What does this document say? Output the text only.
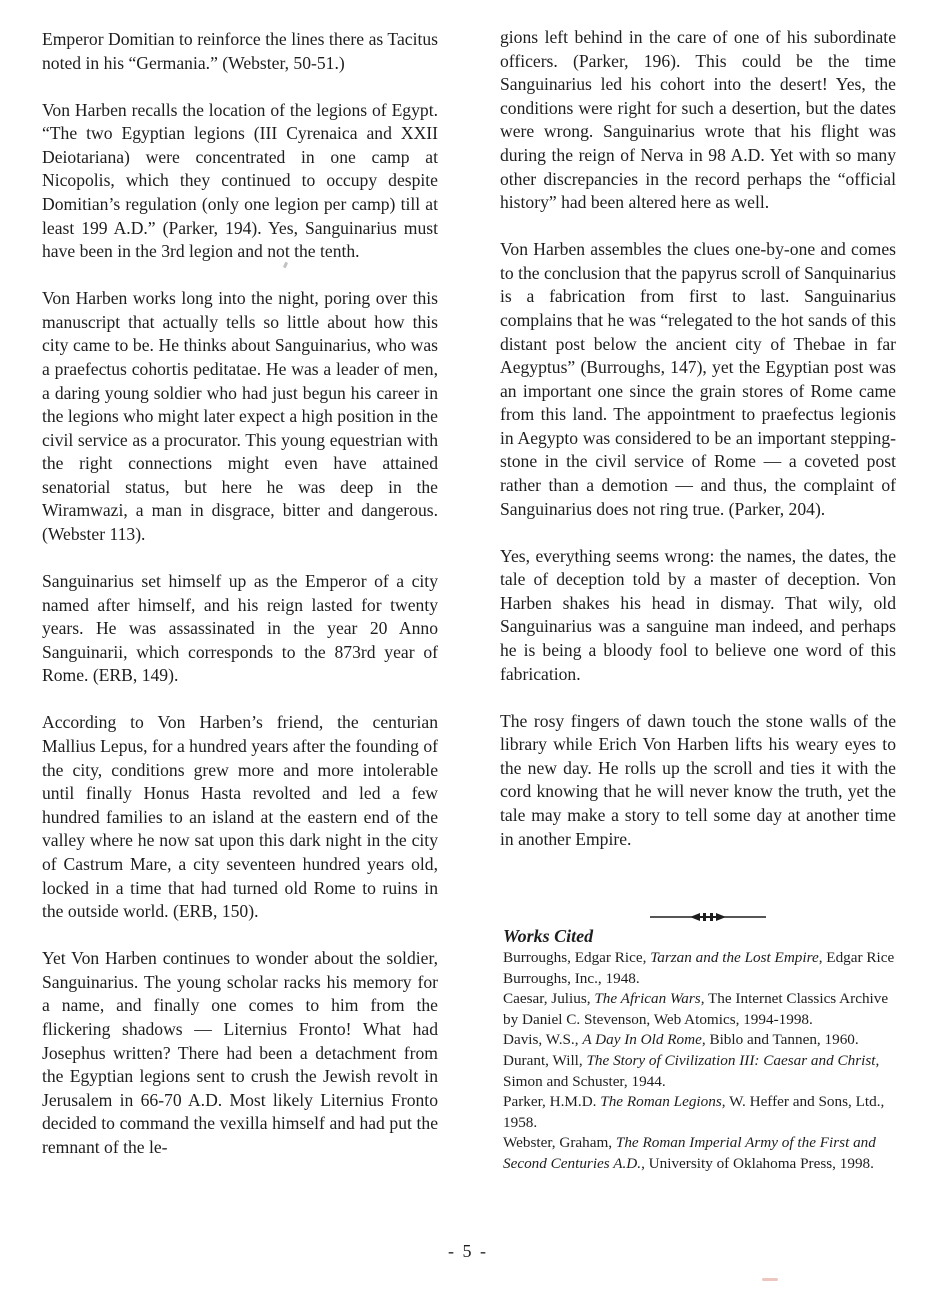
Emperor Domitian to reinforce the lines there as Tacitus noted in his “Germania.” (Webster, 50-51.)

Von Harben recalls the location of the legions of Egypt. “The two Egyptian legions (III Cyrenaica and XXII Deiotariana) were concentrated in one camp at Nicopolis, which they continued to occupy despite Domitian’s regulation (only one legion per camp) till at least 199 A.D.” (Parker, 194). Yes, Sanguinarius must have been in the 3rd legion and not the tenth.

Von Harben works long into the night, poring over this manuscript that actually tells so little about how this city came to be. He thinks about Sanguinarius, who was a praefectus cohortis peditatae. He was a leader of men, a daring young soldier who had just begun his career in the legions who might later expect a high position in the civil service as a procurator. This young equestrian with the right connections might even have attained senatorial status, but here he was deep in the Wiramwazi, a man in disgrace, bitter and dangerous. (Webster 113).

Sanguinarius set himself up as the Emperor of a city named after himself, and his reign lasted for twenty years. He was assassinated in the year 20 Anno Sanguinarii, which corresponds to the 873rd year of Rome. (ERB, 149).

According to Von Harben’s friend, the centurian Mallius Lepus, for a hundred years after the founding of the city, conditions grew more and more intolerable until finally Honus Hasta revolted and led a few hundred families to an island at the eastern end of the valley where he now sat upon this dark night in the city of Castrum Mare, a city seventeen hundred years old, locked in a time that had turned old Rome to ruins in the outside world. (ERB, 150).

Yet Von Harben continues to wonder about the soldier, Sanguinarius. The young scholar racks his memory for a name, and finally one comes to him from the flickering shadows — Liternius Fronto! What had Josephus written? There had been a detachment from the Egyptian legions sent to crush the Jewish revolt in Jerusalem in 66-70 A.D. Most likely Liternius Fronto decided to command the vexilla himself and had put the remnant of the le-

gions left behind in the care of one of his subordinate officers. (Parker, 196). This could be the time Sanguinarius led his cohort into the desert! Yes, the conditions were right for such a desertion, but the dates were wrong. Sanguinarius wrote that his flight was during the reign of Nerva in 98 A.D. Yet with so many other discrepancies in the record perhaps the “official history” had been altered here as well.

Von Harben assembles the clues one-by-one and comes to the conclusion that the papyrus scroll of Sanquinarius is a fabrication from first to last. Sanguinarius complains that he was “relegated to the hot sands of this distant post below the ancient city of Thebae in far Aegyptus” (Burroughs, 147), yet the Egyptian post was an important one since the grain stores of Rome came from this land. The appointment to praefectus legionis in Aegypto was considered to be an important stepping-stone in the civil service of Rome — a coveted post rather than a demotion — and thus, the complaint of Sanguinarius does not ring true. (Parker, 204).

Yes, everything seems wrong: the names, the dates, the tale of deception told by a master of deception. Von Harben shakes his head in dismay. That wily, old Sanguinarius was a sanguine man indeed, and perhaps he is being a bloody fool to believe one word of this fabrication.

The rosy fingers of dawn touch the stone walls of the library while Erich Von Harben lifts his weary eyes to the new day. He rolls up the scroll and ties it with the cord knowing that he will never know the truth, yet the tale may make a story to tell some day at another time in another Empire.

Works Cited

Burroughs, Edgar Rice, Tarzan and the Lost Empire, Edgar Rice Burroughs, Inc., 1948.

Caesar, Julius, The African Wars, The Internet Classics Archive by Daniel C. Stevenson, Web Atomics, 1994-1998.

Davis, W.S., A Day In Old Rome, Biblo and Tannen, 1960.

Durant, Will, The Story of Civilization III: Caesar and Christ, Simon and Schuster, 1944.

Parker, H.M.D. The Roman Legions, W. Heffer and Sons, Ltd., 1958.

Webster, Graham, The Roman Imperial Army of the First and Second Centuries A.D., University of Oklahoma Press, 1998.

- 5 -
